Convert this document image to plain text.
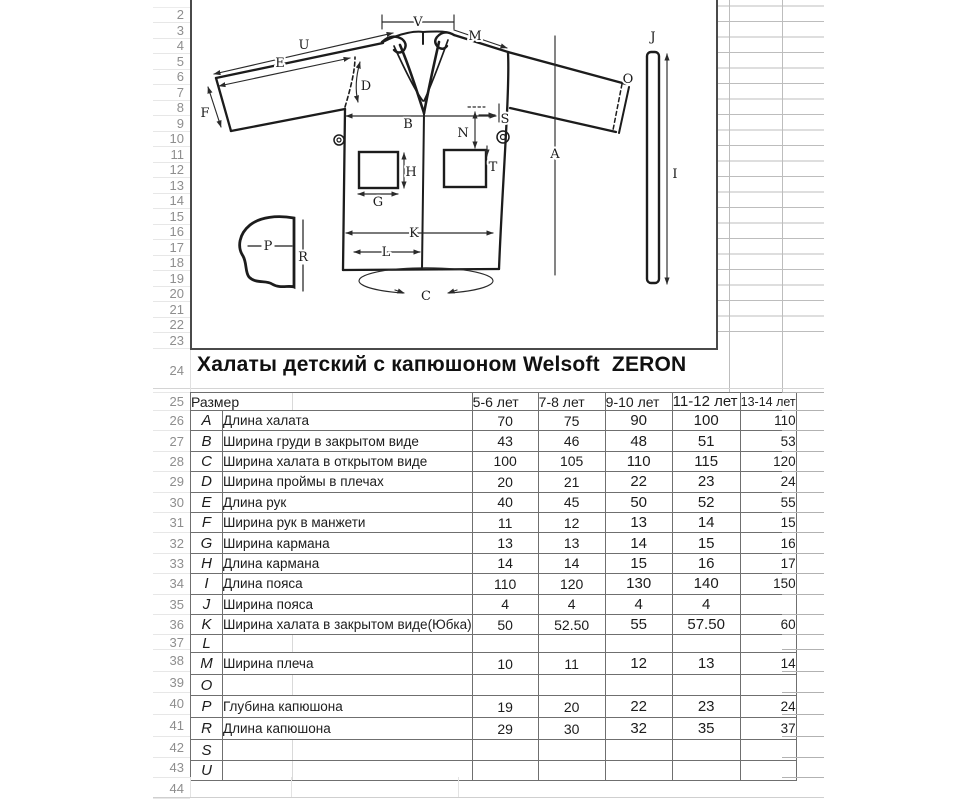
2
3
4
5
6
7
8
9
10
11
12
13
14
15
16
17
18
19
20
21
22
23
24
25
26
27
28
29
30
31
32
33
34
35
36
37
38
39
40
41
42
43
44
V
M
U
E
D
F
B
N
S
T
O
A
J
I
H
G
K
L
C
P
R
Халаты детский с капюшоном Welsoft  ZERON
Размер		5-6 лет	7-8 лет	9-10 лет	11-12 лет	13-14 лет
A	Длина халата	70	75	90	100	110
B	Ширина груди в закрытом виде	43	46	48	51	53
C	Ширина халата в открытом виде	100	105	110	115	120
D	Ширина проймы в плечах	20	21	22	23	24
E	Длина рук	40	45	50	52	55
F	Ширина рук в манжети	11	12	13	14	15
G	Ширина кармана	13	13	14	15	16
H	Длина кармана	14	14	15	16	17
I	Длина пояса	110	120	130	140	150
J	Ширина пояса	4	4	4	4	
K	Ширина халата в закрытом виде(Юбка)	50	52.50	55	57.50	60
L						
M	Ширина плеча	10	11	12	13	14
O						
P	Глубина капюшона	19	20	22	23	24
R	Длина капюшона	29	30	32	35	37
S						
U						
